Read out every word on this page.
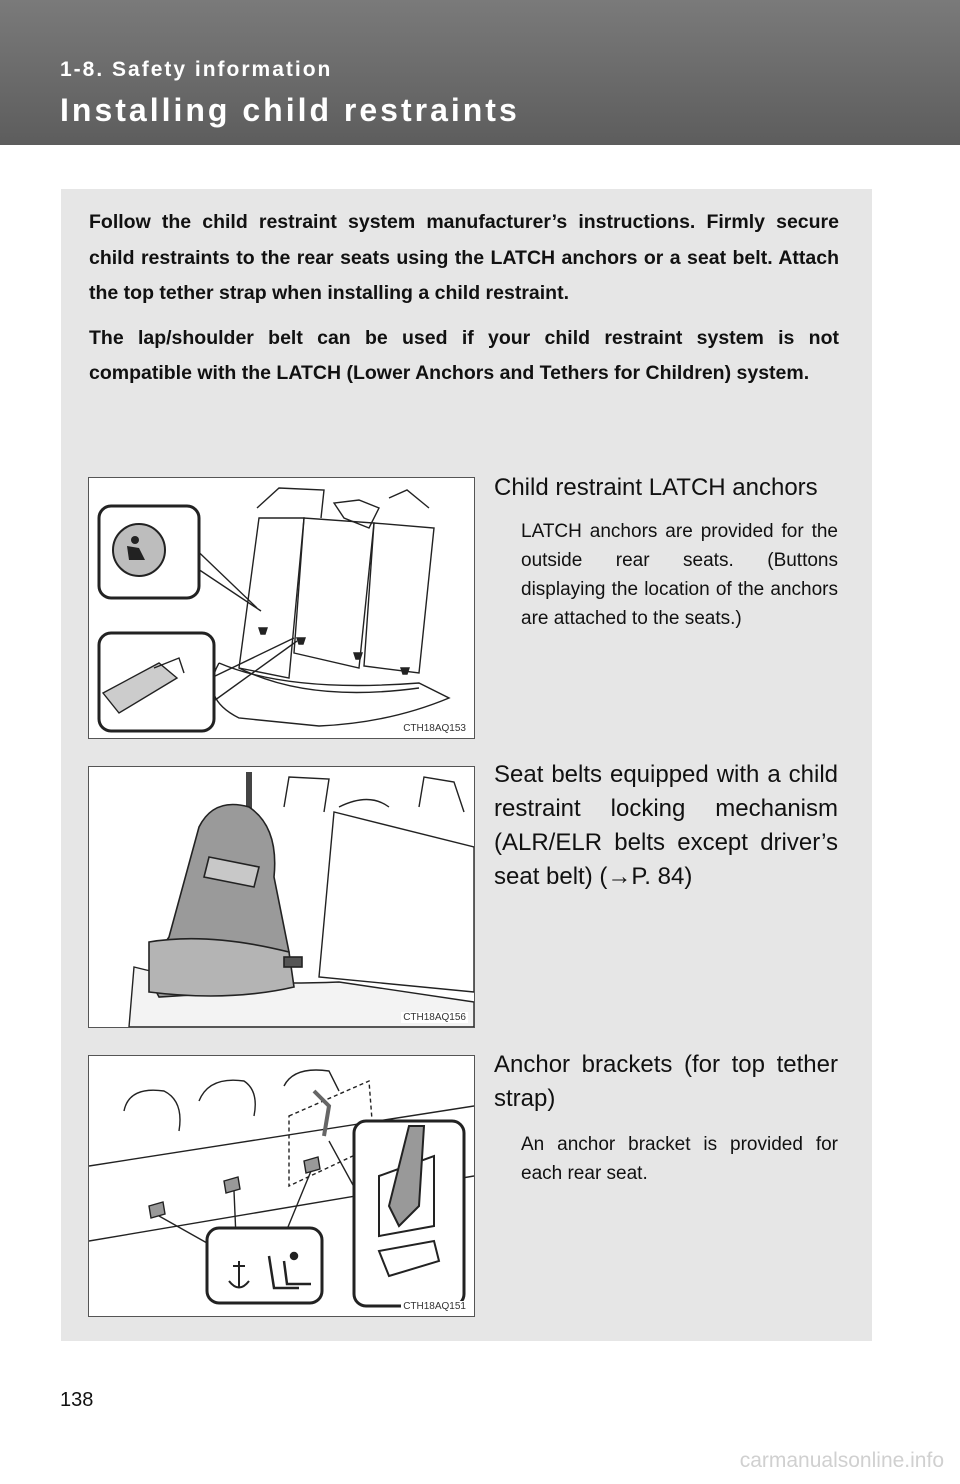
1-8. Safety information
Installing child restraints

Follow the child restraint system manufacturer’s instructions. Firmly secure child restraints to the rear seats using the LATCH anchors or a seat belt. Attach the top tether strap when installing a child restraint.

The lap/shoulder belt can be used if your child restraint system is not compatible with the LATCH (Lower Anchors and Tethers for Children) system.

CTH18AQ153
Child restraint LATCH anchors
LATCH anchors are provided for the outside rear seats. (Buttons displaying the location of the anchors are attached to the seats.)
CTH18AQ156
Seat belts equipped with a child restraint locking mechanism (ALR/ELR belts except driver’s seat belt) (→P. 84)
CTH18AQ151
Anchor brackets (for top tether strap)
An anchor bracket is provided for each rear seat.
138
carmanualsonline.info
